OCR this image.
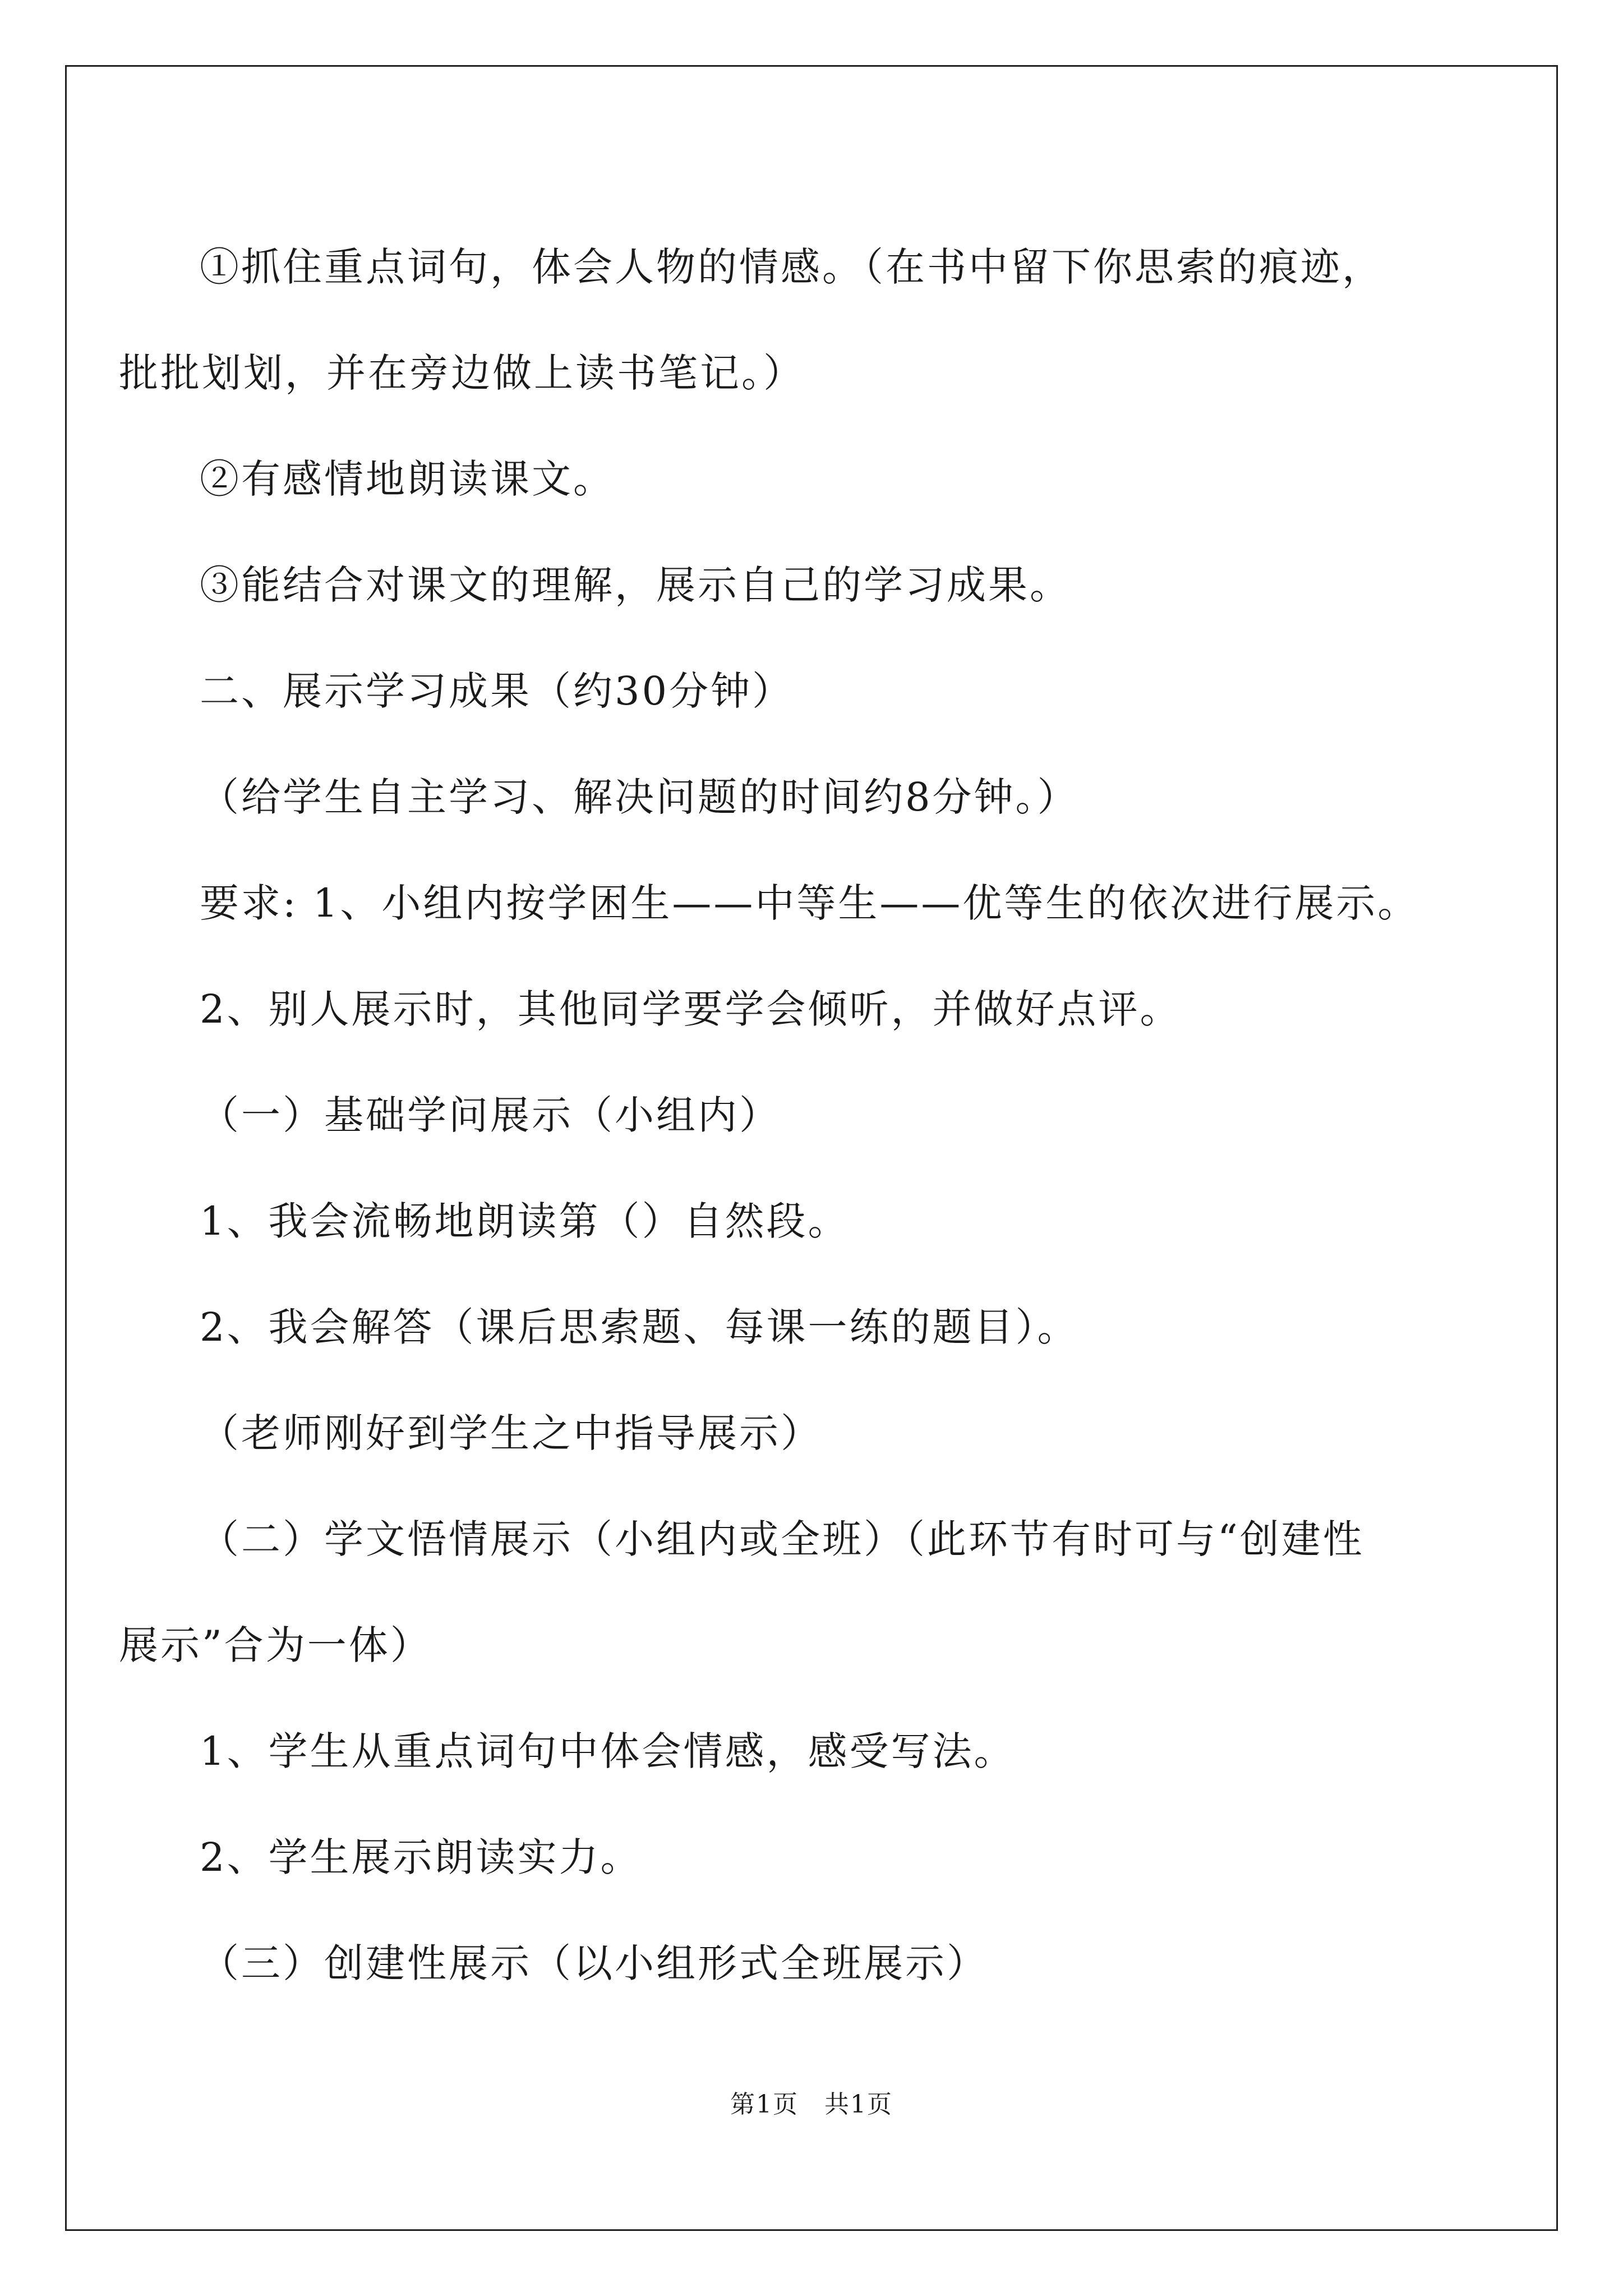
①抓住重点词句，体会人物的情感。（在书中留下你思索的痕迹，

批批划划，并在旁边做上读书笔记。）

②有感情地朗读课文。

③能结合对课文的理解，展示自己的学习成果。

二、展示学习成果（约30分钟）

（给学生自主学习、解决问题的时间约8分钟。）

要求: 1、小组内按学困生——中等生——优等生的依次进行展示。

2、别人展示时，其他同学要学会倾听，并做好点评。

（一）基础学问展示（小组内）

1、我会流畅地朗读第（）自然段。

2、我会解答（课后思索题、每课一练的题目）。

（老师刚好到学生之中指导展示）

（二）学文悟情展示（小组内或全班）（此环节有时可与“创建性

展示”合为一体）

1、学生从重点词句中体会情感，感受写法。

2、学生展示朗读实力。

（三）创建性展示（以小组形式全班展示）

第1页　共1页
